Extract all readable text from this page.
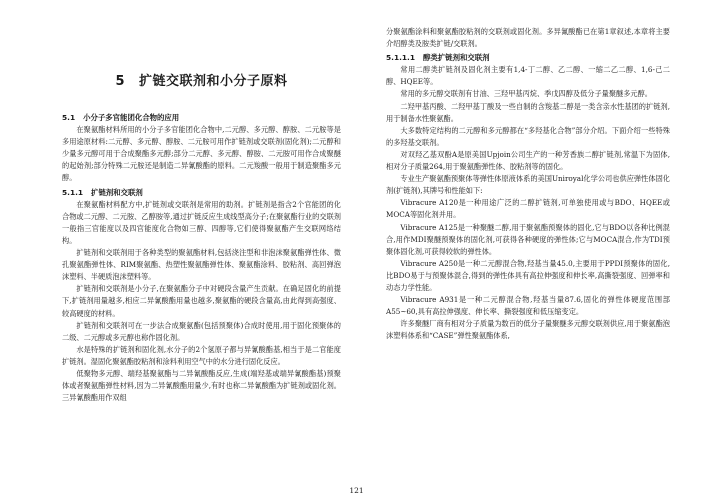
5 扩链交联剂和小分子原料
5.1 小分子多官能团化合物的应用

在聚氨酯材料所用的小分子多官能团化合物中,二元醇、多元醇、醇胺、二元胺等是多用途原材料:二元醇、多元醇、醇胺、二元胺可用作扩链剂或交联剂(固化剂);二元醇和少量多元醇可用于合成聚酯多元醇;部分二元醇、多元醇、醇胺、二元胺可用作合成聚醚的起始剂;部分特殊二元胺还是制造二异氰酸酯的原料。二元羧酸一般用于制造聚酯多元醇。

5.1.1 扩链剂和交联剂

在聚氨酯材料配方中,扩链剂或交联剂是常用的助剂。扩链剂是指含2个官能团的化合物或二元醇、二元胺、乙醇胺等,通过扩链反应生成线型高分子;在聚氨酯行业的交联剂一般指三官能度以及四官能度化合物如三醇、四醇等,它们使得聚氨酯产生交联网络结构。

扩链剂和交联剂用于各种类型的聚氨酯材料,包括浇注型和非泡沫聚氨酯弹性体、微孔聚氨酯弹性体、RIM聚氨酯、热塑性聚氨酯弹性体、聚氨酯涂料、胶粘剂、高回弹泡沫塑料、半硬质泡沫塑料等。

扩链剂和交联剂是小分子,在聚氨酯分子中对硬段含量产生贡献。在确足固化的前提下,扩链剂用量越多,相应二异氰酸酯用量也越多,聚氨酯的硬段含量高,由此得到高强度、较高硬度的材料。

扩链剂和交联剂可在一步法合成聚氨酯(包括预聚体)合成时使用,用于固化预聚体的二级、二元醇或多元醇也称作固化剂。

水是特殊的扩链剂和固化剂,水分子的2个氢原子都与异氰酸酯基,相当于是二官能度扩链剂。湿固化聚氨酯胶粘剂和涂料利用空气中的水分进行固化反应。

低聚物多元醇、端羟基聚氨酯与二异氰酸酯反应,生成(端羟基或端异氰酸酯基)预聚体或者聚氨酯弹性材料,因为二异氰酸酯用量少,有时也称二异氰酸酯为扩链剂或固化剂。三异氰酸酯用作双组

分聚氨酯涂料和聚氨酯胶粘剂的交联剂或固化剂。多异氰酸酯已在第1章叙述,本章将主要介绍醇类及胺类扩链/交联剂。

5.1.1.1 醇类扩链剂和交联剂

常用二醇类扩链剂及固化剂主要有1,4-丁二醇、乙二醇、一缩二乙二醇、1,6-己二醇、HQEE等。

常用的多元醇交联剂有甘油、三羟甲基丙烷、季戊四醇及低分子量聚醚多元醇。

二羟甲基丙酸、二羟甲基丁酸及一些自制的含羧基二醇是一类含亲水性基团的扩链剂,用于制备水性聚氨酯。

大多数特定结构的二元醇和多元醇都在“多羟基化合物”部分介绍。下面介绍一些特殊的多羟基交联剂。

对双羟乙基双酚A是原美国Upjoin公司生产的一种芳香族二醇扩链剂,常温下为固体,相对分子质量264,用于聚氨酯弹性体、胶粘剂等的固化。

专业生产聚氨酯预聚体等弹性体原液体系的美国Uniroyal化学公司也供应弹性体固化剂(扩链剂),其牌号和性能如下:

Vibracure A120是一种用途广泛的二醇扩链剂,可单独使用或与BDO、HQEE或MOCA等固化剂并用。

Vibracure A125是一种聚醚二醇,用于聚氨酯预聚体的固化,它与BDO以各种比例混合,用作MDI聚醚预聚体的固化剂,可获得各种硬度的弹性体;它与MOCA混合,作为TDI预聚体固化剂,可获得较软的弹性体。

Vibracure A250是一种二元醇混合物,羟基当量45.0,主要用于PPDI预聚体的固化,比BDO易于与预聚体混合,得到的弹性体具有高拉伸强度和伸长率,高撕裂强度、回弹率和动态力学性能。

Vibracure A931是一种二元醇混合物,羟基当量87.6,固化的弹性体硬度范围部A55~60,具有高拉伸强度、伸长率、撕裂强度和低压缩变定。

许多聚醚厂商有相对分子质量为数百的低分子量聚醚多元醇交联剂供应,用于聚氨酯泡沫塑料体系和“CASE”弹性聚氨酯体系,

121
